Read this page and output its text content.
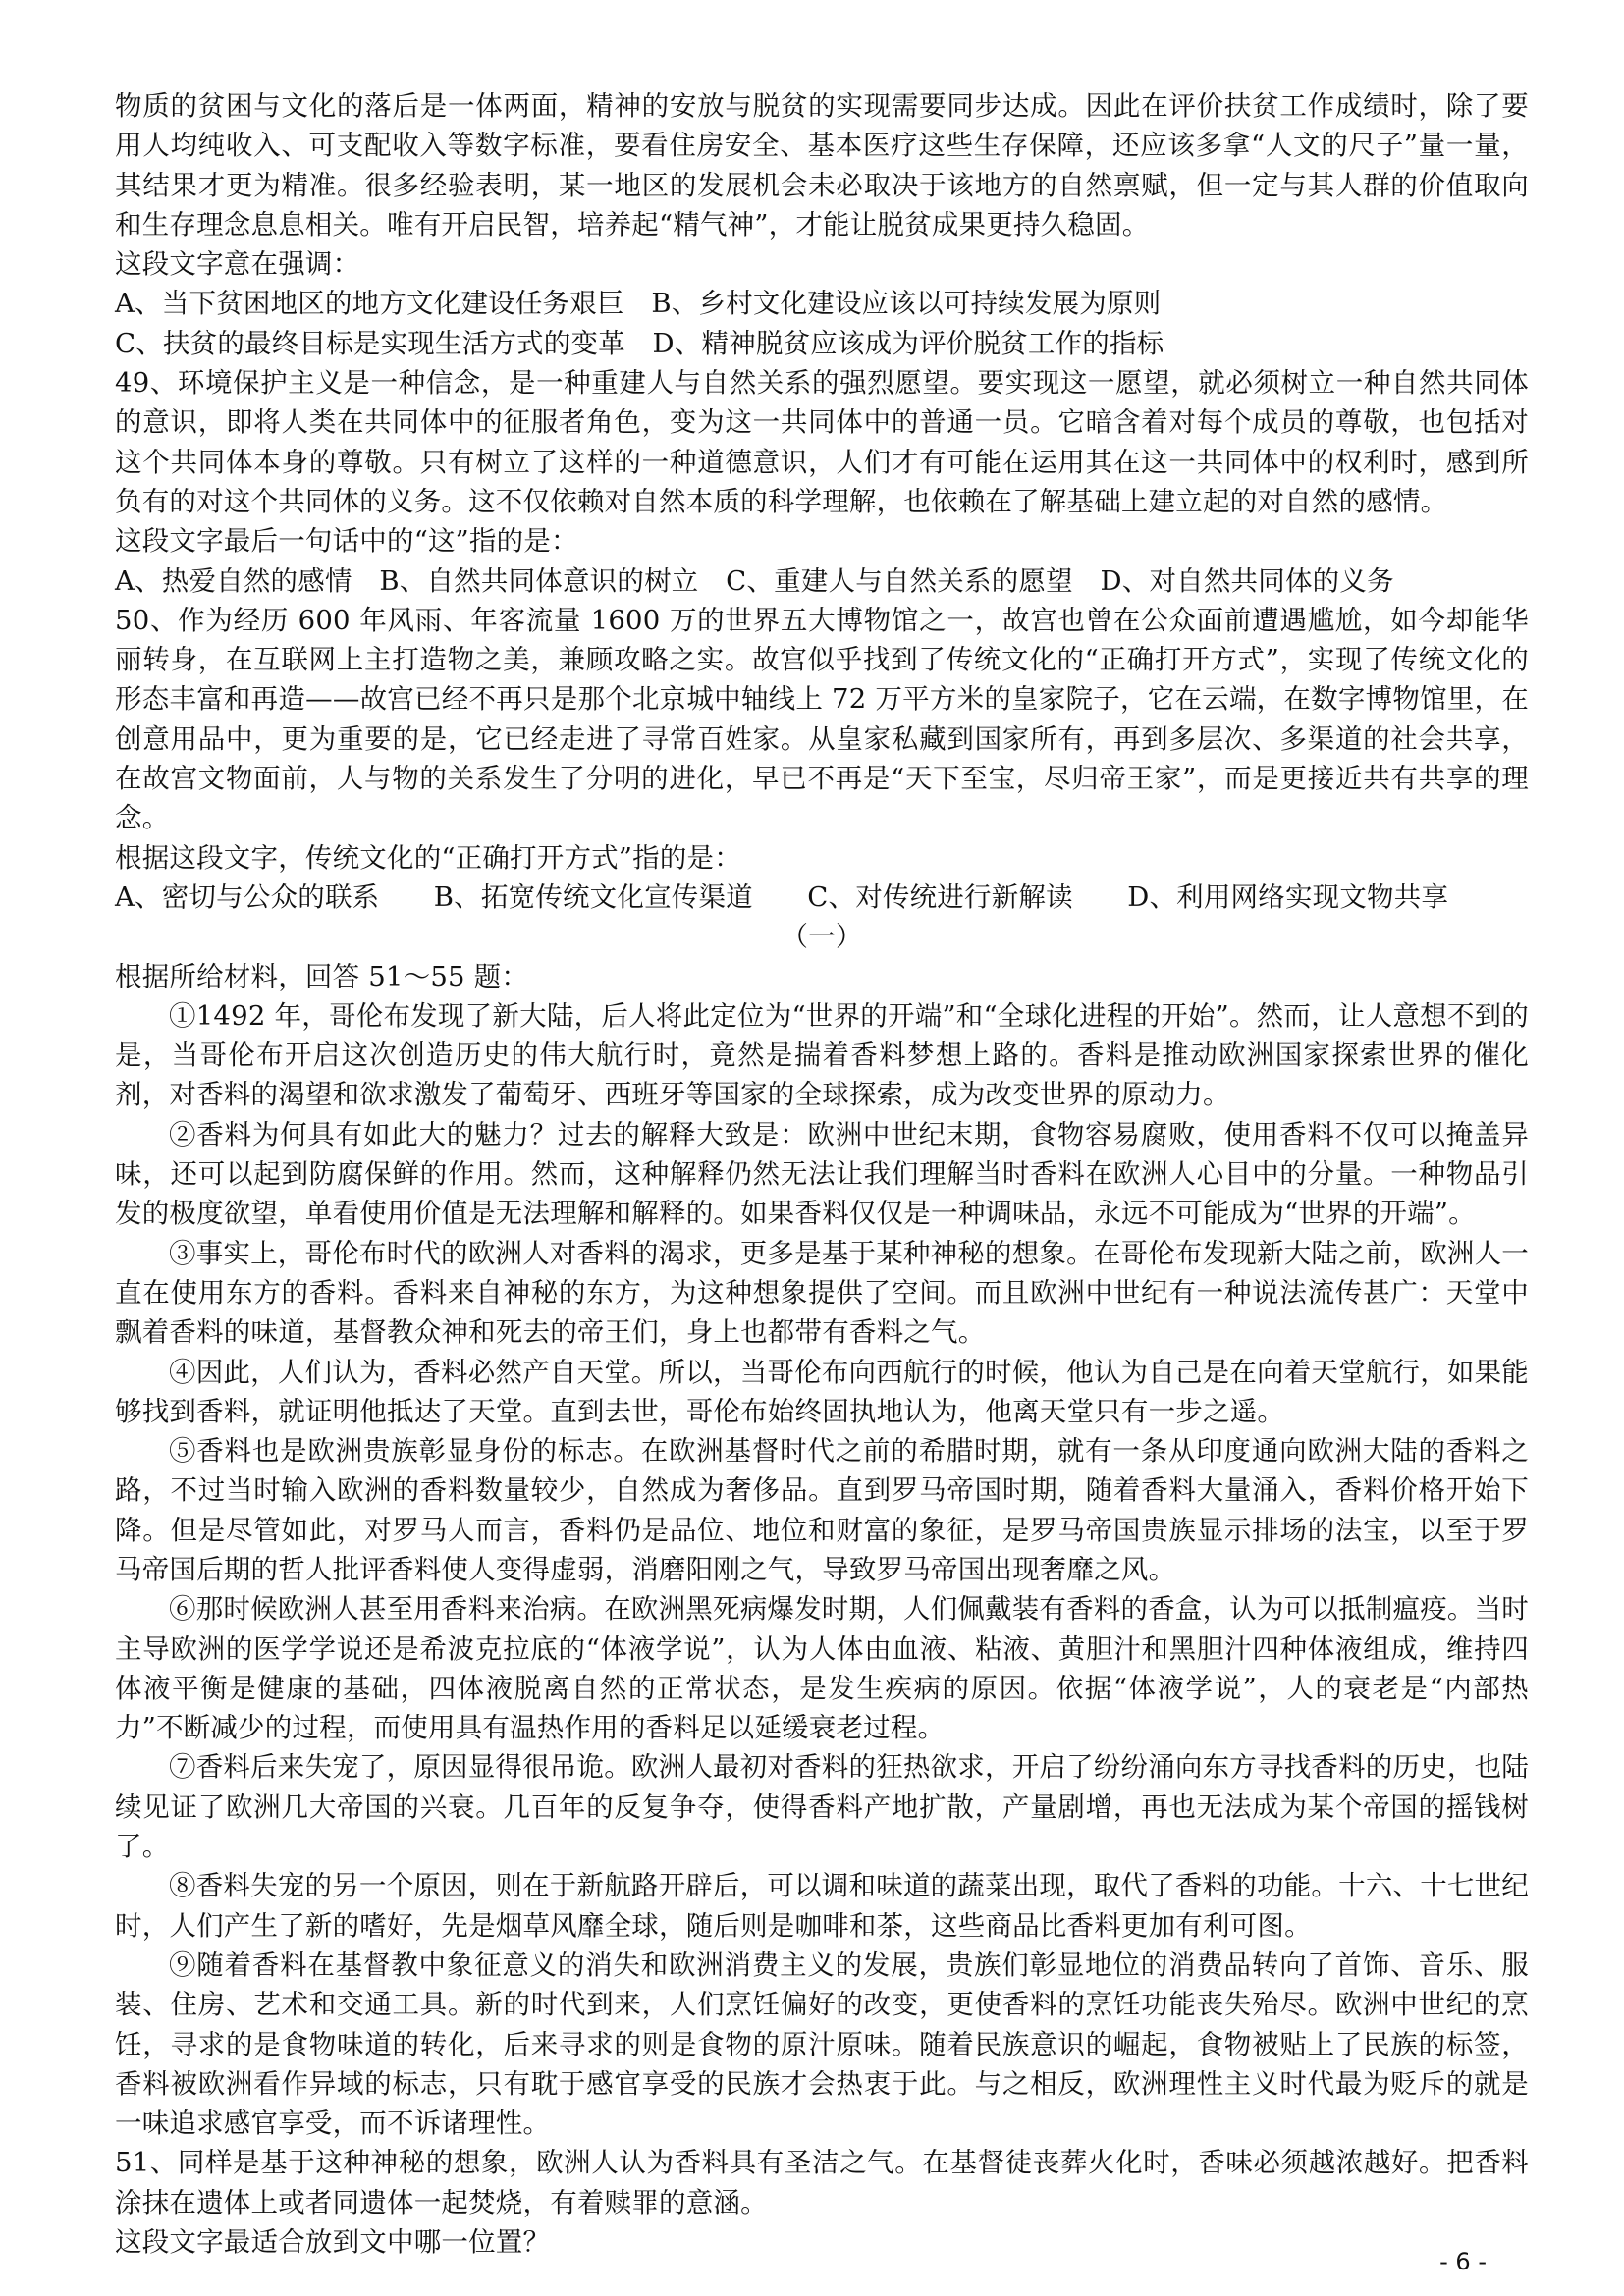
物质的贫困与文化的落后是一体两面，精神的安放与脱贫的实现需要同步达成。因此在评价扶贫工作成绩时，除了要用人均纯收入、可支配收入等数字标准，要看住房安全、基本医疗这些生存保障，还应该多拿“人文的尺子”量一量，其结果才更为精准。很多经验表明，某一地区的发展机会未必取决于该地方的自然禀赋，但一定与其人群的价值取向和生存理念息息相关。唯有开启民智，培养起“精气神”，才能让脱贫成果更持久稳固。

这段文字意在强调：

A、当下贫困地区的地方文化建设任务艰巨　B、乡村文化建设应该以可持续发展为原则

C、扶贫的最终目标是实现生活方式的变革　D、精神脱贫应该成为评价脱贫工作的指标

49、环境保护主义是一种信念，是一种重建人与自然关系的强烈愿望。要实现这一愿望，就必须树立一种自然共同体的意识，即将人类在共同体中的征服者角色，变为这一共同体中的普通一员。它暗含着对每个成员的尊敬，也包括对这个共同体本身的尊敬。只有树立了这样的一种道德意识，人们才有可能在运用其在这一共同体中的权利时，感到所负有的对这个共同体的义务。这不仅依赖对自然本质的科学理解，也依赖在了解基础上建立起的对自然的感情。

这段文字最后一句话中的“这”指的是：

A、热爱自然的感情　B、自然共同体意识的树立　C、重建人与自然关系的愿望　D、对自然共同体的义务

50、作为经历 600 年风雨、年客流量 1600 万的世界五大博物馆之一，故宫也曾在公众面前遭遇尴尬，如今却能华丽转身，在互联网上主打造物之美，兼顾攻略之实。故宫似乎找到了传统文化的“正确打开方式”，实现了传统文化的形态丰富和再造——故宫已经不再只是那个北京城中轴线上 72 万平方米的皇家院子，它在云端，在数字博物馆里，在创意用品中，更为重要的是，它已经走进了寻常百姓家。从皇家私藏到国家所有，再到多层次、多渠道的社会共享，在故宫文物面前，人与物的关系发生了分明的进化，早已不再是“天下至宝，尽归帝王家”，而是更接近共有共享的理念。

根据这段文字，传统文化的“正确打开方式”指的是：

A、密切与公众的联系　　B、拓宽传统文化宣传渠道　　C、对传统进行新解读　　D、利用网络实现文物共享

（一）

根据所给材料，回答 51～55 题：

①1492 年，哥伦布发现了新大陆，后人将此定位为“世界的开端”和“全球化进程的开始”。然而，让人意想不到的是，当哥伦布开启这次创造历史的伟大航行时，竟然是揣着香料梦想上路的。香料是推动欧洲国家探索世界的催化剂，对香料的渴望和欲求激发了葡萄牙、西班牙等国家的全球探索，成为改变世界的原动力。

②香料为何具有如此大的魅力？过去的解释大致是：欧洲中世纪末期，食物容易腐败，使用香料不仅可以掩盖异味，还可以起到防腐保鲜的作用。然而，这种解释仍然无法让我们理解当时香料在欧洲人心目中的分量。一种物品引发的极度欲望，单看使用价值是无法理解和解释的。如果香料仅仅是一种调味品，永远不可能成为“世界的开端”。

③事实上，哥伦布时代的欧洲人对香料的渴求，更多是基于某种神秘的想象。在哥伦布发现新大陆之前，欧洲人一直在使用东方的香料。香料来自神秘的东方，为这种想象提供了空间。而且欧洲中世纪有一种说法流传甚广：天堂中飘着香料的味道，基督教众神和死去的帝王们，身上也都带有香料之气。

④因此，人们认为，香料必然产自天堂。所以，当哥伦布向西航行的时候，他认为自己是在向着天堂航行，如果能够找到香料，就证明他抵达了天堂。直到去世，哥伦布始终固执地认为，他离天堂只有一步之遥。

⑤香料也是欧洲贵族彰显身份的标志。在欧洲基督时代之前的希腊时期，就有一条从印度通向欧洲大陆的香料之路，不过当时输入欧洲的香料数量较少，自然成为奢侈品。直到罗马帝国时期，随着香料大量涌入，香料价格开始下降。但是尽管如此，对罗马人而言，香料仍是品位、地位和财富的象征，是罗马帝国贵族显示排场的法宝，以至于罗马帝国后期的哲人批评香料使人变得虚弱，消磨阳刚之气，导致罗马帝国出现奢靡之风。

⑥那时候欧洲人甚至用香料来治病。在欧洲黑死病爆发时期，人们佩戴装有香料的香盒，认为可以抵制瘟疫。当时主导欧洲的医学学说还是希波克拉底的“体液学说”，认为人体由血液、粘液、黄胆汁和黑胆汁四种体液组成，维持四体液平衡是健康的基础，四体液脱离自然的正常状态，是发生疾病的原因。依据“体液学说”，人的衰老是“内部热力”不断减少的过程，而使用具有温热作用的香料足以延缓衰老过程。

⑦香料后来失宠了，原因显得很吊诡。欧洲人最初对香料的狂热欲求，开启了纷纷涌向东方寻找香料的历史，也陆续见证了欧洲几大帝国的兴衰。几百年的反复争夺，使得香料产地扩散，产量剧增，再也无法成为某个帝国的摇钱树了。

⑧香料失宠的另一个原因，则在于新航路开辟后，可以调和味道的蔬菜出现，取代了香料的功能。十六、十七世纪时，人们产生了新的嗜好，先是烟草风靡全球，随后则是咖啡和茶，这些商品比香料更加有利可图。

⑨随着香料在基督教中象征意义的消失和欧洲消费主义的发展，贵族们彰显地位的消费品转向了首饰、音乐、服装、住房、艺术和交通工具。新的时代到来，人们烹饪偏好的改变，更使香料的烹饪功能丧失殆尽。欧洲中世纪的烹饪，寻求的是食物味道的转化，后来寻求的则是食物的原汁原味。随着民族意识的崛起，食物被贴上了民族的标签，香料被欧洲看作异域的标志，只有耽于感官享受的民族才会热衷于此。与之相反，欧洲理性主义时代最为贬斥的就是一味追求感官享受，而不诉诸理性。

51、同样是基于这种神秘的想象，欧洲人认为香料具有圣洁之气。在基督徒丧葬火化时，香味必须越浓越好。把香料涂抹在遗体上或者同遗体一起焚烧，有着赎罪的意涵。

这段文字最适合放到文中哪一位置？

- 6 -
